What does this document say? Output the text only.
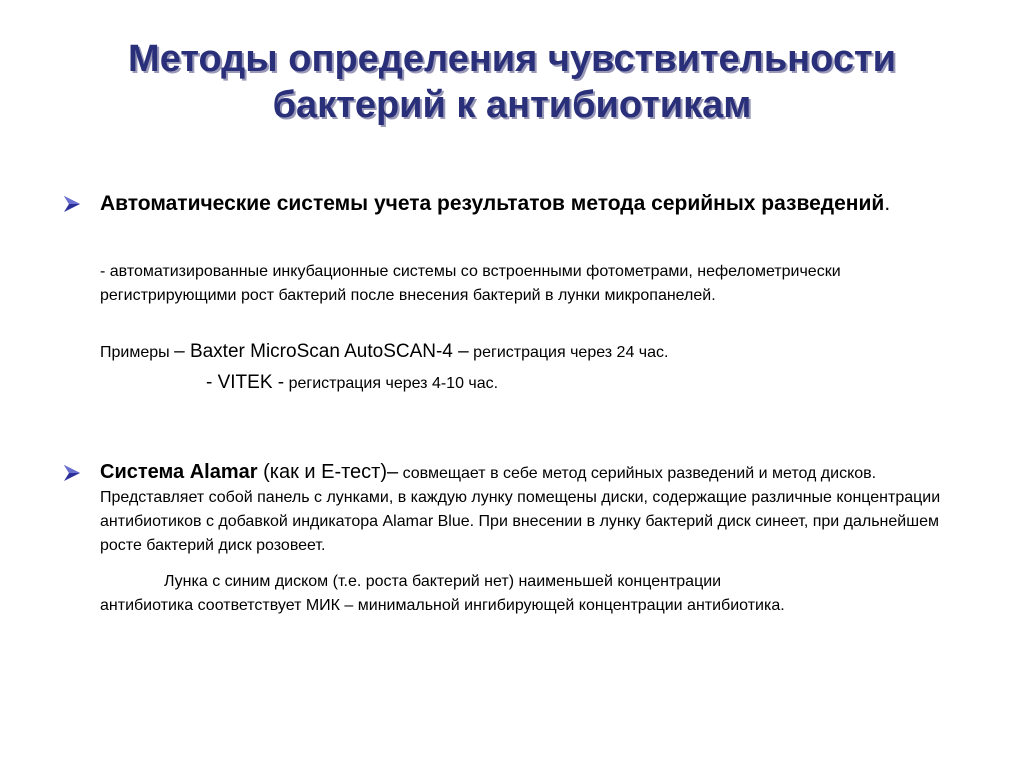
Методы определения чувствительности
бактерий к антибиотикам
Автоматические системы учета результатов метода серийных разведений.
- автоматизированные инкубационные системы со встроенными фотометрами, нефелометрически регистрирующими рост бактерий после внесения бактерий в лунки микропанелей.
Примеры – Baxter MicroScan AutoSCAN-4 – регистрация через 24 час.
- VITEK - регистрация через 4-10 час.
Система Alamar (как и Е-тест)– совмещает в себе метод серийных разведений и метод дисков. Представляет собой панель с лунками, в каждую лунку помещены диски, содержащие различные концентрации антибиотиков с добавкой индикатора Alamar Blue. При внесении в лунку бактерий диск синеет, при дальнейшем росте бактерий диск розовеет.
Лунка с синим диском (т.е. роста бактерий нет) наименьшей концентрации
антибиотика соответствует МИК – минимальной ингибирующей концентрации антибиотика.
